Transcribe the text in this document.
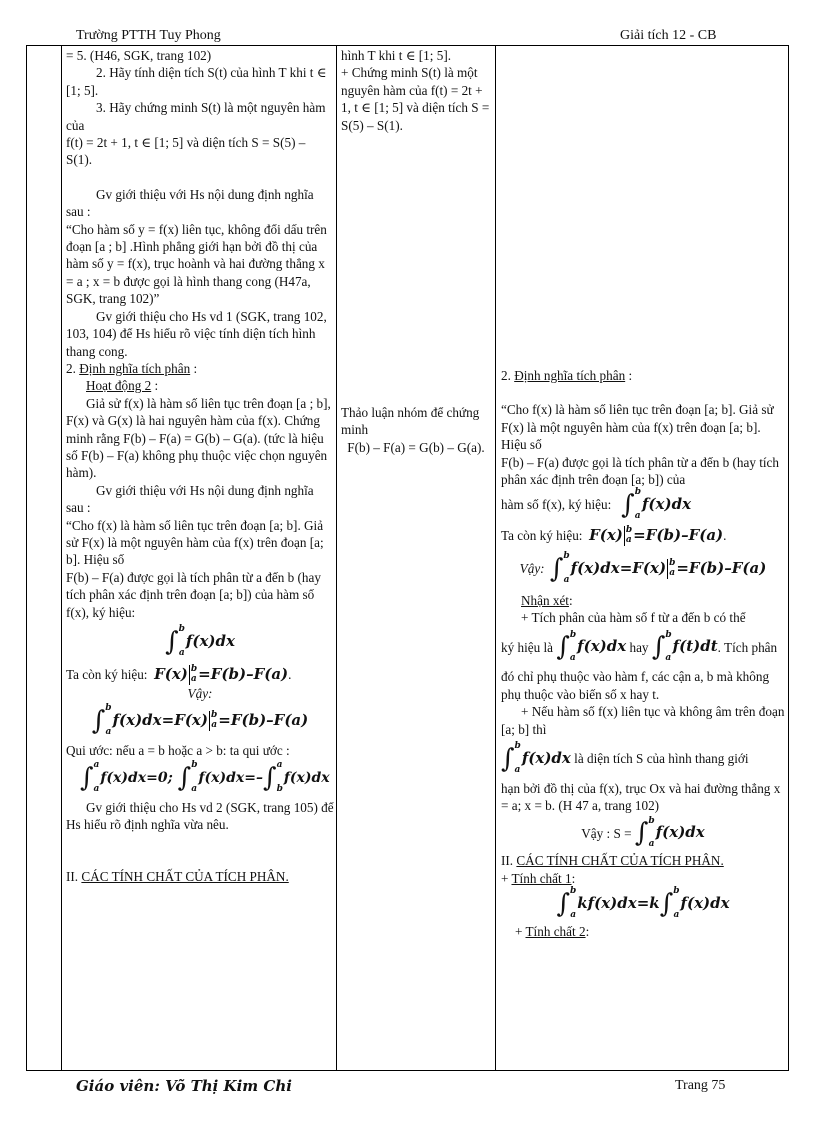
Trường PTTH Tuy Phong	Giải tích 12 - CB

= 5. (H46, SGK, trang 102)

2. Hãy tính diện tích S(t) của hình T khi t ∈ [1; 5].

3. Hãy chứng minh S(t) là một nguyên hàm của

f(t) = 2t + 1, t ∈ [1; 5] và diện tích S = S(5) – S(1).

Gv giới thiệu với Hs nội dung định nghĩa sau :

“Cho hàm số y = f(x) liên tục, không đổi dấu trên đoạn [a ; b] .Hình phẳng giới hạn bởi đồ thị của hàm số y = f(x), trục hoành và hai đường thẳng x = a ; x = b được gọi là hình thang cong (H47a, SGK, trang 102)”

Gv giới thiệu cho Hs vd 1 (SGK, trang 102, 103, 104) để Hs hiểu rõ việc tính diện tích hình thang cong.

2. Định nghĩa tích phân :

Hoạt động 2 :

Giả sử f(x) là hàm số liên tục trên đoạn [a ; b], F(x) và G(x) là hai nguyên hàm của f(x). Chứng minh rằng F(b) – F(a) = G(b) – G(a). (tức là hiệu số F(b) – F(a) không phụ thuộc việc chọn nguyên hàm).

Gv giới thiệu với Hs nội dung định nghĩa sau :

“Cho f(x) là hàm số liên tục trên đoạn [a; b]. Giả sử F(x) là một nguyên hàm của f(x) trên đoạn [a; b]. Hiệu số

F(b) – F(a) được gọi là tích phân từ a đến b (hay tích phân xác định trên đoạn [a; b]) của hàm số f(x), ký hiệu:

∫ b
a
f(x)dx

Ta còn ký hiệu: F(x) b
a =F(b)–F(a).

Vậy:

∫ b
a
f(x)dx=F(x) b
a =F(b)–F(a)

Qui ước: nếu a = b hoặc a > b: ta qui ước :

∫ a
a
f(x)dx=0; ∫ b
a
f(x)dx=–∫ a
b
f(x)dx

Gv giới thiệu cho Hs vd 2 (SGK, trang 105) để Hs hiểu rõ định nghĩa vừa nêu.

II. CÁC TÍNH CHẤT CỦA TÍCH PHÂN.

hình T khi t ∈ [1; 5].

+ Chứng minh S(t) là một nguyên hàm của f(t) = 2t + 1, t ∈ [1; 5] và diện tích S = S(5) – S(1).

Thảo luận nhóm để chứng minh

F(b) – F(a) = G(b) – G(a).

2. Định nghĩa tích phân :

“Cho f(x) là hàm số liên tục trên đoạn [a; b]. Giả sử F(x) là một nguyên hàm của f(x) trên đoạn [a; b]. Hiệu số

F(b) – F(a) được gọi là tích phân từ a đến b (hay tích phân xác định trên đoạn [a; b]) của

hàm số f(x), ký hiệu: ∫ b
a
f(x)dx

Ta còn ký hiệu: F(x) b
a =F(b)–F(a).

Vậy: ∫ b
a
f(x)dx=F(x) b
a =F(b)–F(a)

Nhận xét:

+ Tích phân của hàm số f từ a đến b có thể

ký hiệu là ∫ b
a
f(x)dx hay ∫ b
a
f(t)dt. Tích phân

đó chỉ phụ thuộc vào hàm f, các cận a, b mà không phụ thuộc vào biến số x hay t.

+ Nếu hàm số f(x) liên tục và không âm trên đoạn [a; b] thì

∫ b
a
f(x)dx là diện tích S của hình thang giới

hạn bởi đồ thị của f(x), trục Ox và hai đường thẳng x = a; x = b. (H 47 a, trang 102)

Vậy : S = ∫ b
a
f(x)dx

II. CÁC TÍNH CHẤT CỦA TÍCH PHÂN.

+ Tính chất 1:

∫ b
a
kf(x)dx=k∫ b
a
f(x)dx

+ Tính chất 2:

Giáo viên: Võ Thị Kim Chi	Trang 75
